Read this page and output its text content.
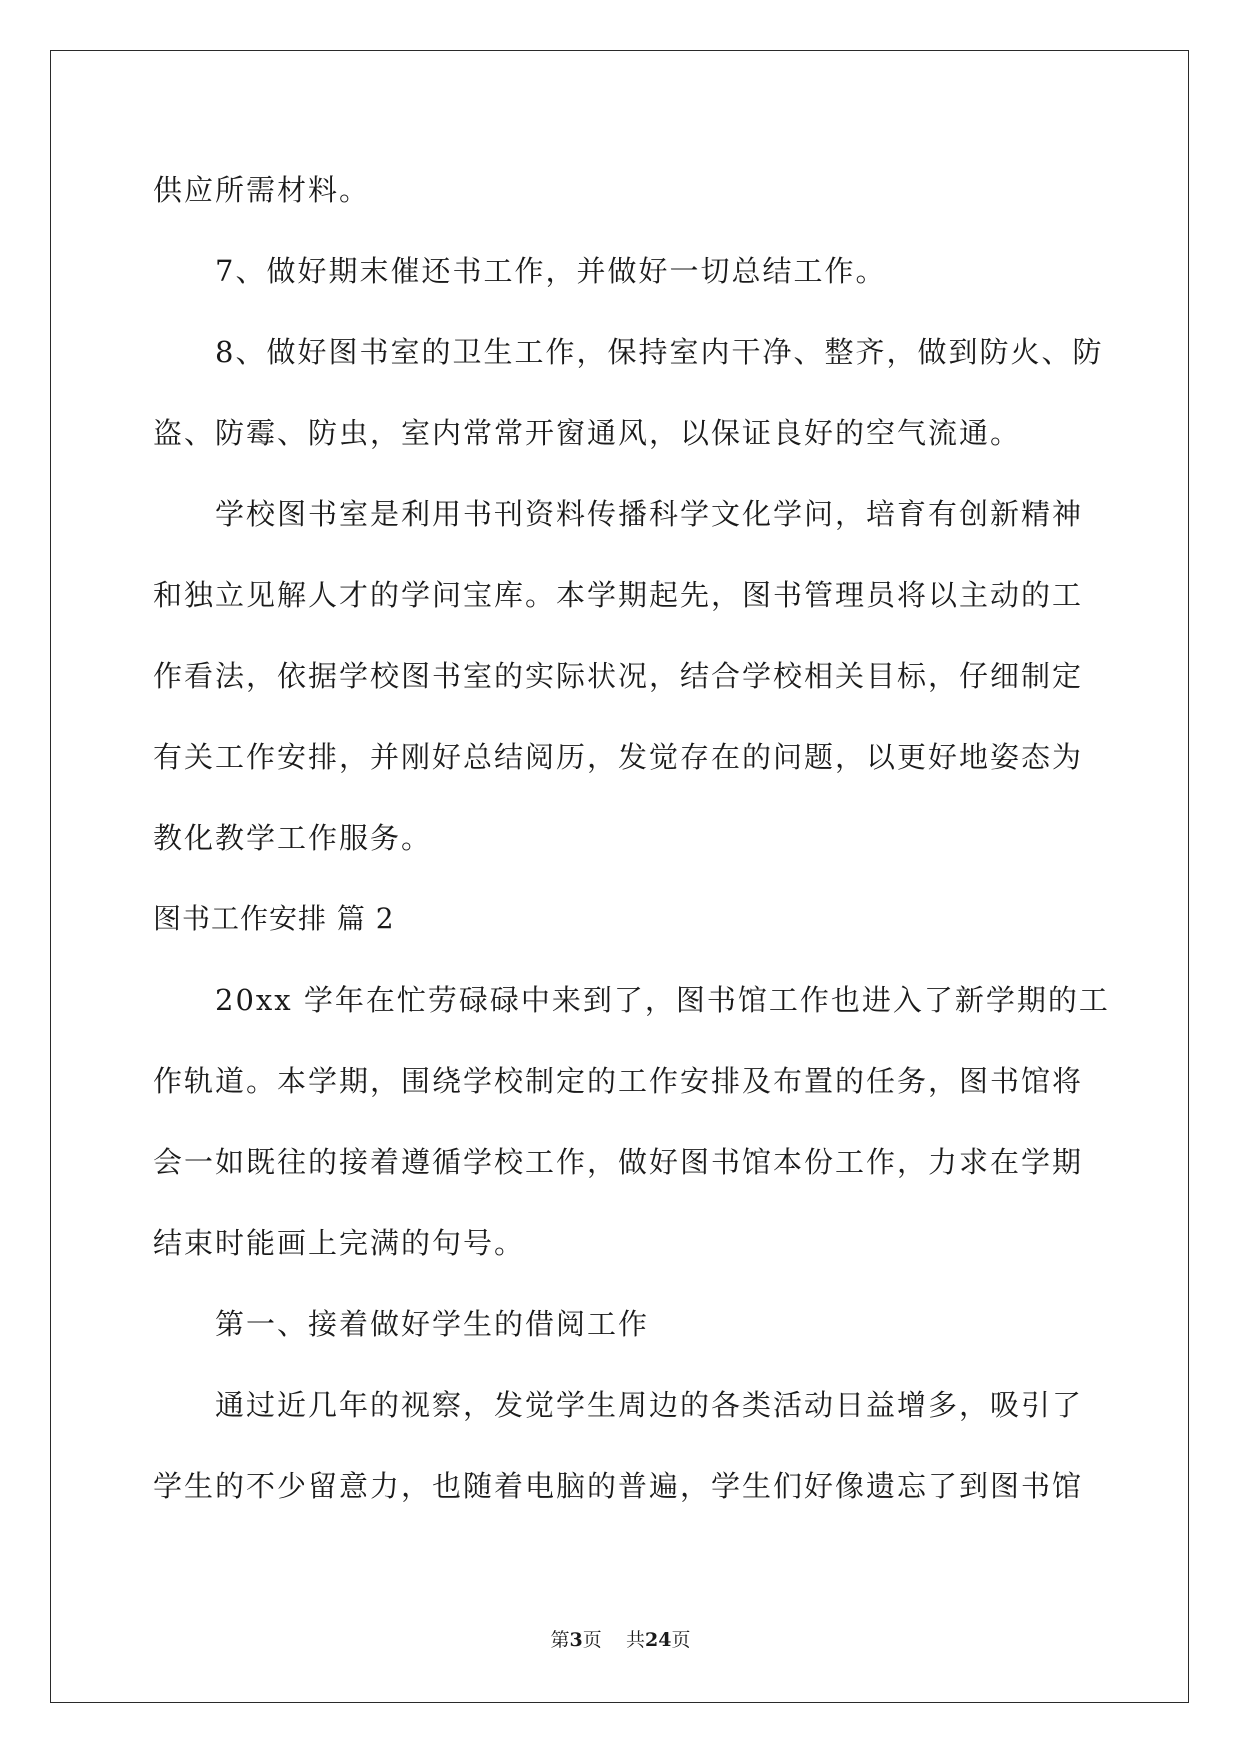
供应所需材料。

7、做好期末催还书工作，并做好一切总结工作。

8、做好图书室的卫生工作，保持室内干净、整齐，做到防火、防

盗、防霉、防虫，室内常常开窗通风，以保证良好的空气流通。

学校图书室是利用书刊资料传播科学文化学问，培育有创新精神

和独立见解人才的学问宝库。本学期起先，图书管理员将以主动的工

作看法，依据学校图书室的实际状况，结合学校相关目标，仔细制定

有关工作安排，并刚好总结阅历，发觉存在的问题，以更好地姿态为

教化教学工作服务。

图书工作安排 篇 2

20xx 学年在忙劳碌碌中来到了，图书馆工作也进入了新学期的工

作轨道。本学期，围绕学校制定的工作安排及布置的任务，图书馆将

会一如既往的接着遵循学校工作，做好图书馆本份工作，力求在学期

结束时能画上完满的句号。

第一、接着做好学生的借阅工作

通过近几年的视察，发觉学生周边的各类活动日益增多，吸引了

学生的不少留意力，也随着电脑的普遍，学生们好像遗忘了到图书馆

第3页 共24页
